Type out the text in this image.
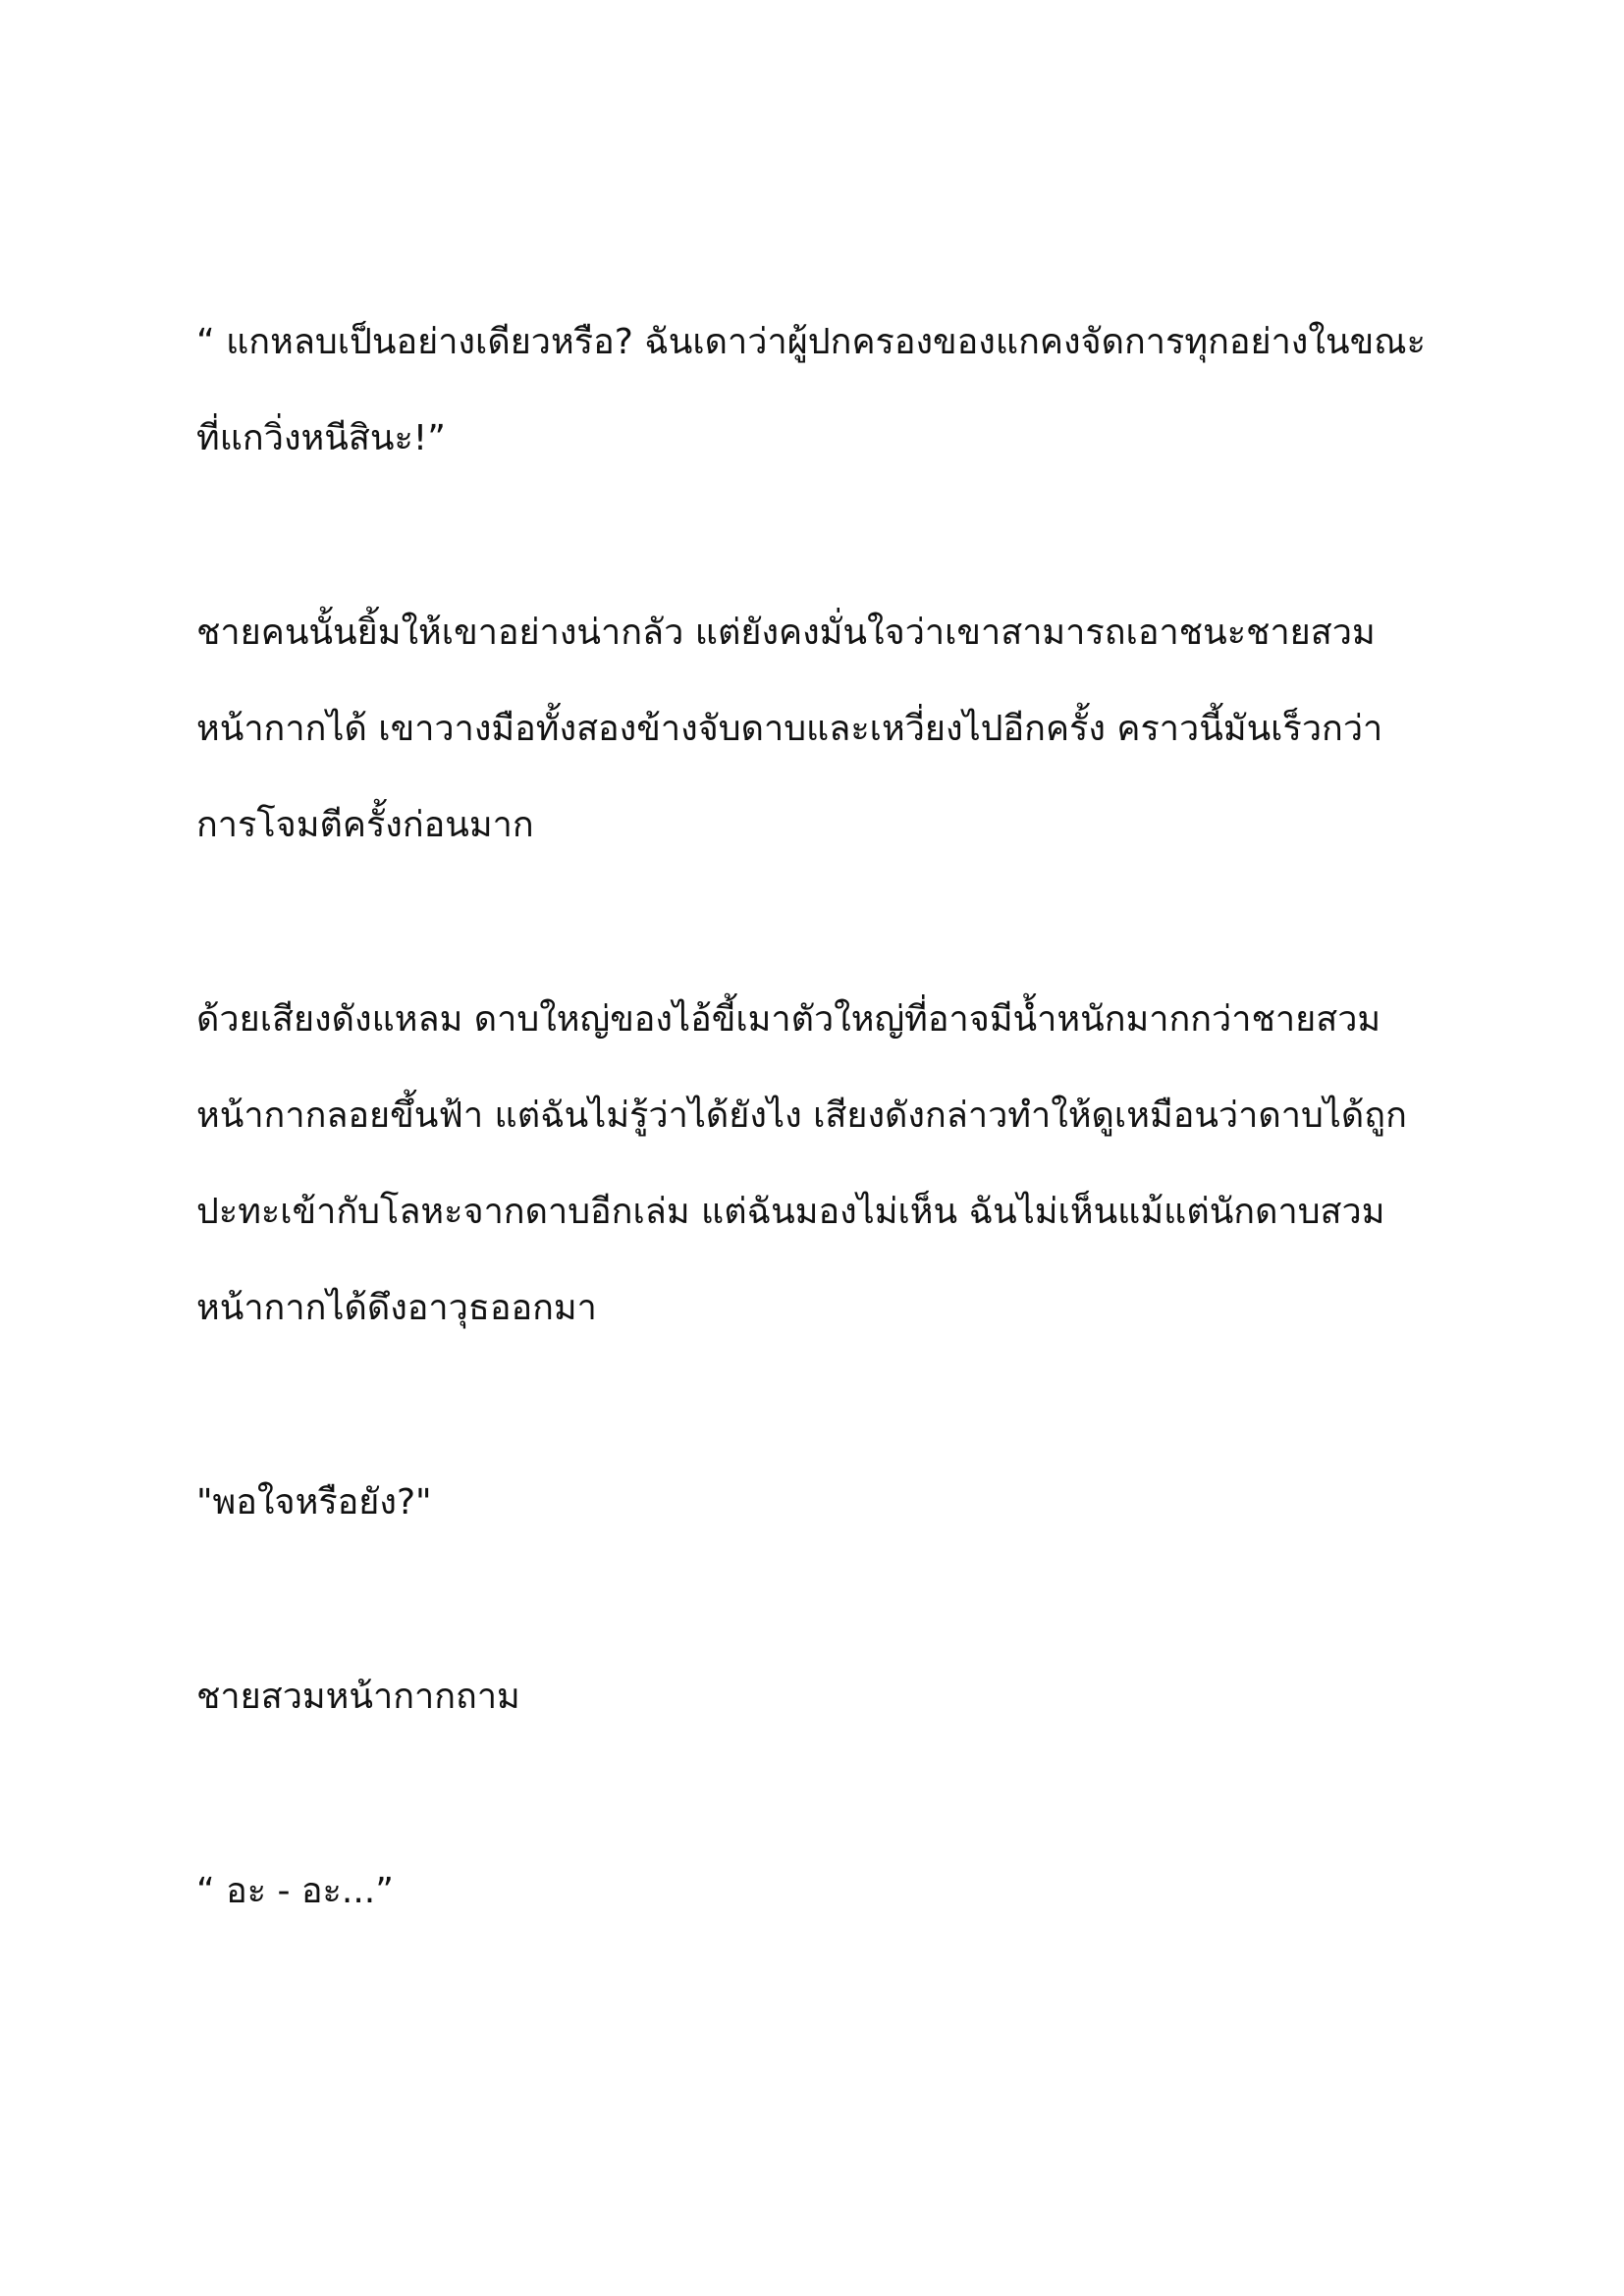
“ แกหลบเป็นอย่างเดียวหรือ? ฉันเดาว่าผู้ปกครองของแกคงจัดการทุกอย่างในขณะที่แกวิ่งหนีสินะ!”

ชายคนนั้นยิ้มให้เขาอย่างน่ากลัว แต่ยังคงมั่นใจว่าเขาสามารถเอาชนะชายสวมหน้ากากได้ เขาวางมือทั้งสองข้างจับดาบและเหวี่ยงไปอีกครั้ง คราวนี้มันเร็วกว่าการโจมตีครั้งก่อนมาก

ด้วยเสียงดังแหลม ดาบใหญ่ของไอ้ขี้เมาตัวใหญ่ที่อาจมีน้ำหนักมากกว่าชายสวมหน้ากากลอยขึ้นฟ้า แต่ฉันไม่รู้ว่าได้ยังไง เสียงดังกล่าวทำให้ดูเหมือนว่าดาบได้ถูกปะทะเข้ากับโลหะจากดาบอีกเล่ม แต่ฉันมองไม่เห็น ฉันไม่เห็นแม้แต่นักดาบสวมหน้ากากได้ดึงอาวุธออกมา

"พอใจหรือยัง?"

ชายสวมหน้ากากถาม

“ อะ - อะ...”
